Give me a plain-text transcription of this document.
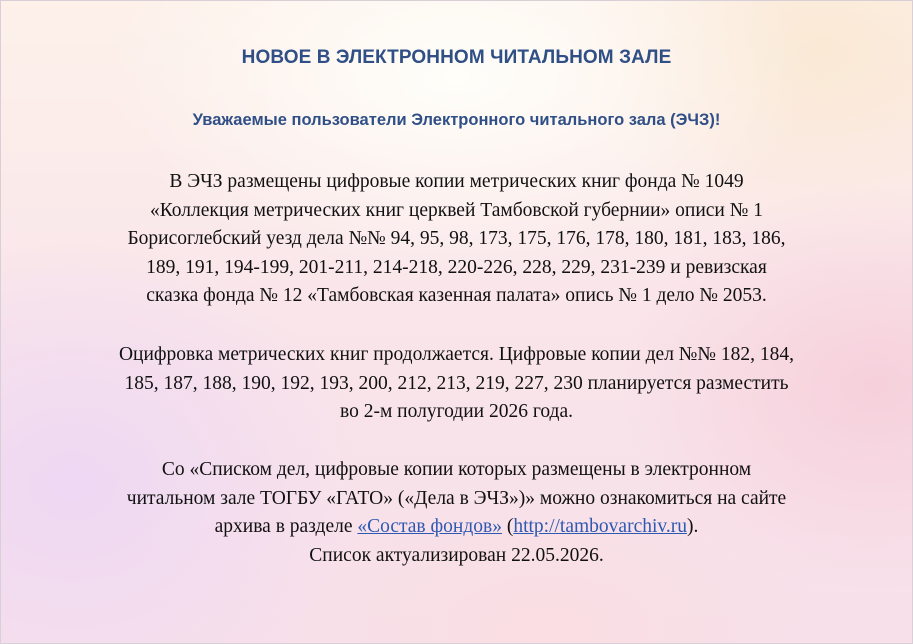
НОВОЕ В ЭЛЕКТРОННОМ ЧИТАЛЬНОМ ЗАЛЕ
Уважаемые пользователи Электронного читального зала (ЭЧЗ)!
В ЭЧЗ размещены цифровые копии метрических книг фонда № 1049
«Коллекция метрических книг церквей Тамбовской губернии» описи № 1
Борисоглебский уезд дела №№ 94, 95, 98, 173, 175, 176, 178, 180, 181, 183, 186,
189, 191, 194-199, 201-211, 214-218, 220-226, 228, 229, 231-239 и ревизская
сказка фонда № 12 «Тамбовская казенная палата» опись № 1 дело № 2053.
Оцифровка метрических книг продолжается. Цифровые копии дел №№ 182, 184,
185, 187, 188, 190, 192, 193, 200, 212, 213, 219, 227, 230 планируется разместить
во 2-м полугодии 2026 года.
Со «Списком дел, цифровые копии которых размещены в электронном
читальном зале ТОГБУ «ГАТО» («Дела в ЭЧЗ»)» можно ознакомиться на сайте
архива в разделе «Состав фондов» (http://tambovarchiv.ru).
Список актуализирован 22.05.2026.
